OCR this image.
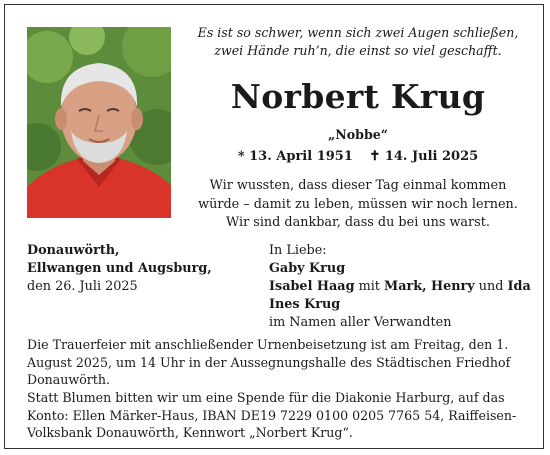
Es ist so schwer, wenn sich zwei Augen schließen,
zwei Hände ruh’n, die einst so viel geschafft.
Norbert Krug
„Nobbe“
* 13. April 1951 ✝ 14. Juli 2025
Wir wussten, dass dieser Tag einmal kommen
würde – damit zu leben, müssen wir noch lernen.
Wir sind dankbar, dass du bei uns warst.
Donauwörth,
Ellwangen und Augsburg,
den 26. Juli 2025
In Liebe:
Gaby Krug
Isabel Haag mit Mark, Henry und Ida
Ines Krug
im Namen aller Verwandten
Die Trauerfeier mit anschließender Urnenbeisetzung ist am Freitag, den 1. August 2025, um 14 Uhr in der Aussegnungshalle des Städtischen Friedhof Donauwörth.
Statt Blumen bitten wir um eine Spende für die Diakonie Harburg, auf das Konto: Ellen Märker-Haus, IBAN DE19 7229 0100 0205 7765 54, Raiffeisen-Volksbank Donauwörth, Kennwort „Norbert Krug“.
